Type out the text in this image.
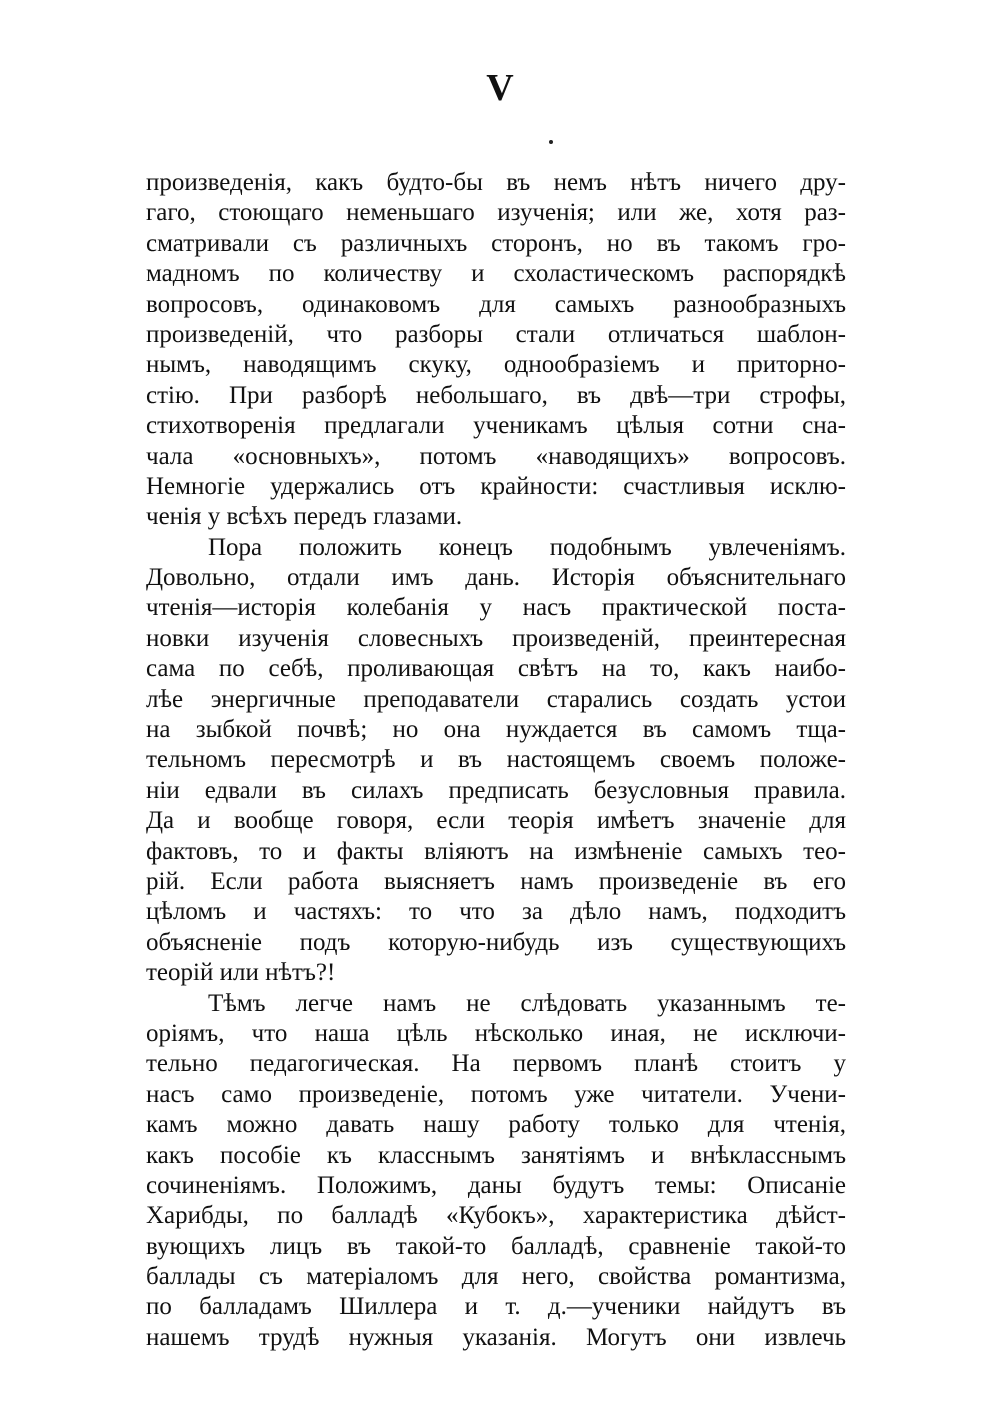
V
произведенія, какъ будто-бы въ немъ нѣтъ ничего дру-
гаго, стоющаго неменьшаго изученія; или же, хотя раз-
сматривали съ различныхъ сторонъ, но въ такомъ гро-
мадномъ по количеству и схоластическомъ распорядкѣ
вопросовъ, одинаковомъ для самыхъ разнообразныхъ
произведеній, что разборы стали отличаться шаблон-
нымъ, наводящимъ скуку, однообразіемъ и приторно-
стію. При разборѣ небольшаго, въ двѣ—три строфы,
стихотворенія предлагали ученикамъ цѣлыя сотни сна-
чала «основныхъ», потомъ «наводящихъ» вопросовъ.
Немногіе удержались отъ крайности: счастливыя исклю-
ченія у всѣхъ передъ глазами.
Пора положить конецъ подобнымъ увлеченіямъ.
Довольно, отдали имъ дань. Исторія объяснительнаго
чтенія—исторія колебанія у насъ практической поста-
новки изученія словесныхъ произведеній, преинтересная
сама по себѣ, проливающая свѣтъ на то, какъ наибо-
лѣе энергичные преподаватели старались создать устои
на зыбкой почвѣ; но она нуждается въ самомъ тща-
тельномъ пересмотрѣ и въ настоящемъ своемъ положе-
ніи едвали въ силахъ предписать безусловныя правила.
Да и вообще говоря, если теорія имѣетъ значеніе для
фактовъ, то и факты вліяютъ на измѣненіе самыхъ тео-
рій. Если работа выясняетъ намъ произведеніе въ его
цѣломъ и частяхъ: то что за дѣло намъ, подходитъ
объясненіе подъ которую-нибудь изъ существующихъ
теорій или нѣтъ?!
Тѣмъ легче намъ не слѣдовать указаннымъ те-
оріямъ, что наша цѣль нѣсколько иная, не исключи-
тельно педагогическая. На первомъ планѣ стоитъ у
насъ само произведеніе, потомъ уже читатели. Учени-
камъ можно давать нашу работу только для чтенія,
какъ пособіе къ класснымъ занятіямъ и внѣкласснымъ
сочиненіямъ. Положимъ, даны будутъ темы: Описаніе
Харибды, по балладѣ «Кубокъ», характеристика дѣйст-
вующихъ лицъ въ такой-то балладѣ, сравненіе такой-то
баллады съ матеріаломъ для него, свойства романтизма,
по балладамъ Шиллера и т. д.—ученики найдутъ въ
нашемъ трудѣ нужныя указанія. Могутъ они извлечь
